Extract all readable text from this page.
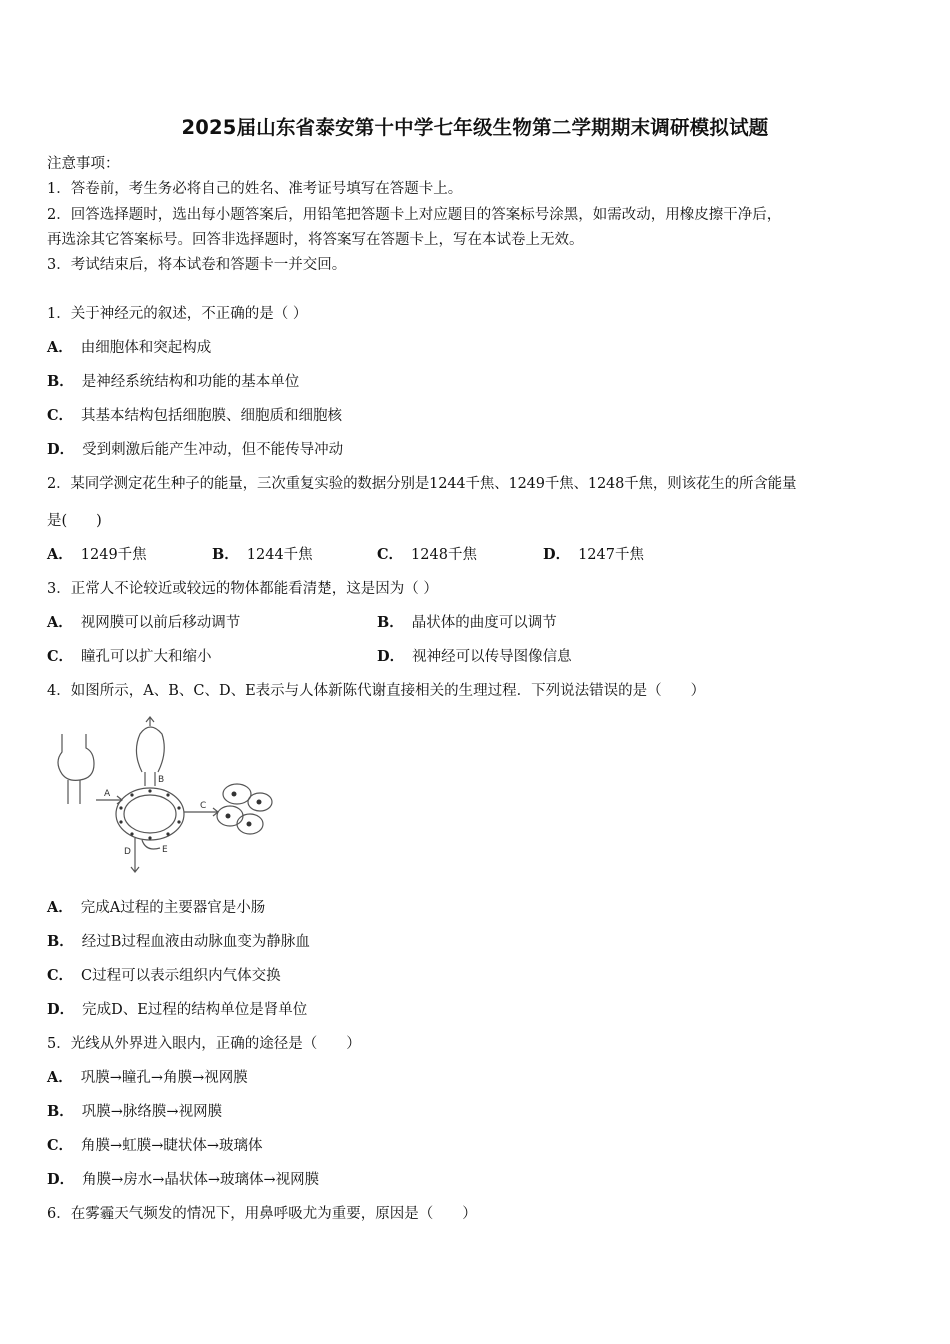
2025届山东省泰安第十中学七年级生物第二学期期末调研模拟试题
注意事项：
1．答卷前，考生务必将自己的姓名、准考证号填写在答题卡上。
2．回答选择题时，选出每小题答案后，用铅笔把答题卡上对应题目的答案标号涂黑，如需改动，用橡皮擦干净后，
再选涂其它答案标号。回答非选择题时，将答案写在答题卡上，写在本试卷上无效。
3．考试结束后，将本试卷和答题卡一并交回。
1．关于神经元的叙述，不正确的是（ ）
A． 由细胞体和突起构成
B． 是神经系统结构和功能的基本单位
C． 其基本结构包括细胞膜、细胞质和细胞核
D． 受到刺激后能产生冲动，但不能传导冲动
2．某同学测定花生种子的能量，三次重复实验的数据分别是1244千焦、1249千焦、1248千焦，则该花生的所含能量
是(　　)
A． 1249千焦	B． 1244千焦	C． 1248千焦	D． 1247千焦
3．正常人不论较近或较远的物体都能看清楚，这是因为（ ）
A． 视网膜可以前后移动调节	B． 晶状体的曲度可以调节
C． 瞳孔可以扩大和缩小	D． 视神经可以传导图像信息
4．如图所示，A、B、C、D、E表示与人体新陈代谢直接相关的生理过程．下列说法错误的是（　　）
A
B
C
D	E
A． 完成A过程的主要器官是小肠
B． 经过B过程血液由动脉血变为静脉血
C． C过程可以表示组织内气体交换
D． 完成D、E过程的结构单位是肾单位
5．光线从外界进入眼内，正确的途径是（　　）
A． 巩膜→瞳孔→角膜→视网膜
B． 巩膜→脉络膜→视网膜
C． 角膜→虹膜→睫状体→玻璃体
D． 角膜→房水→晶状体→玻璃体→视网膜
6．在雾霾天气频发的情况下，用鼻呼吸尤为重要，原因是（　　）
